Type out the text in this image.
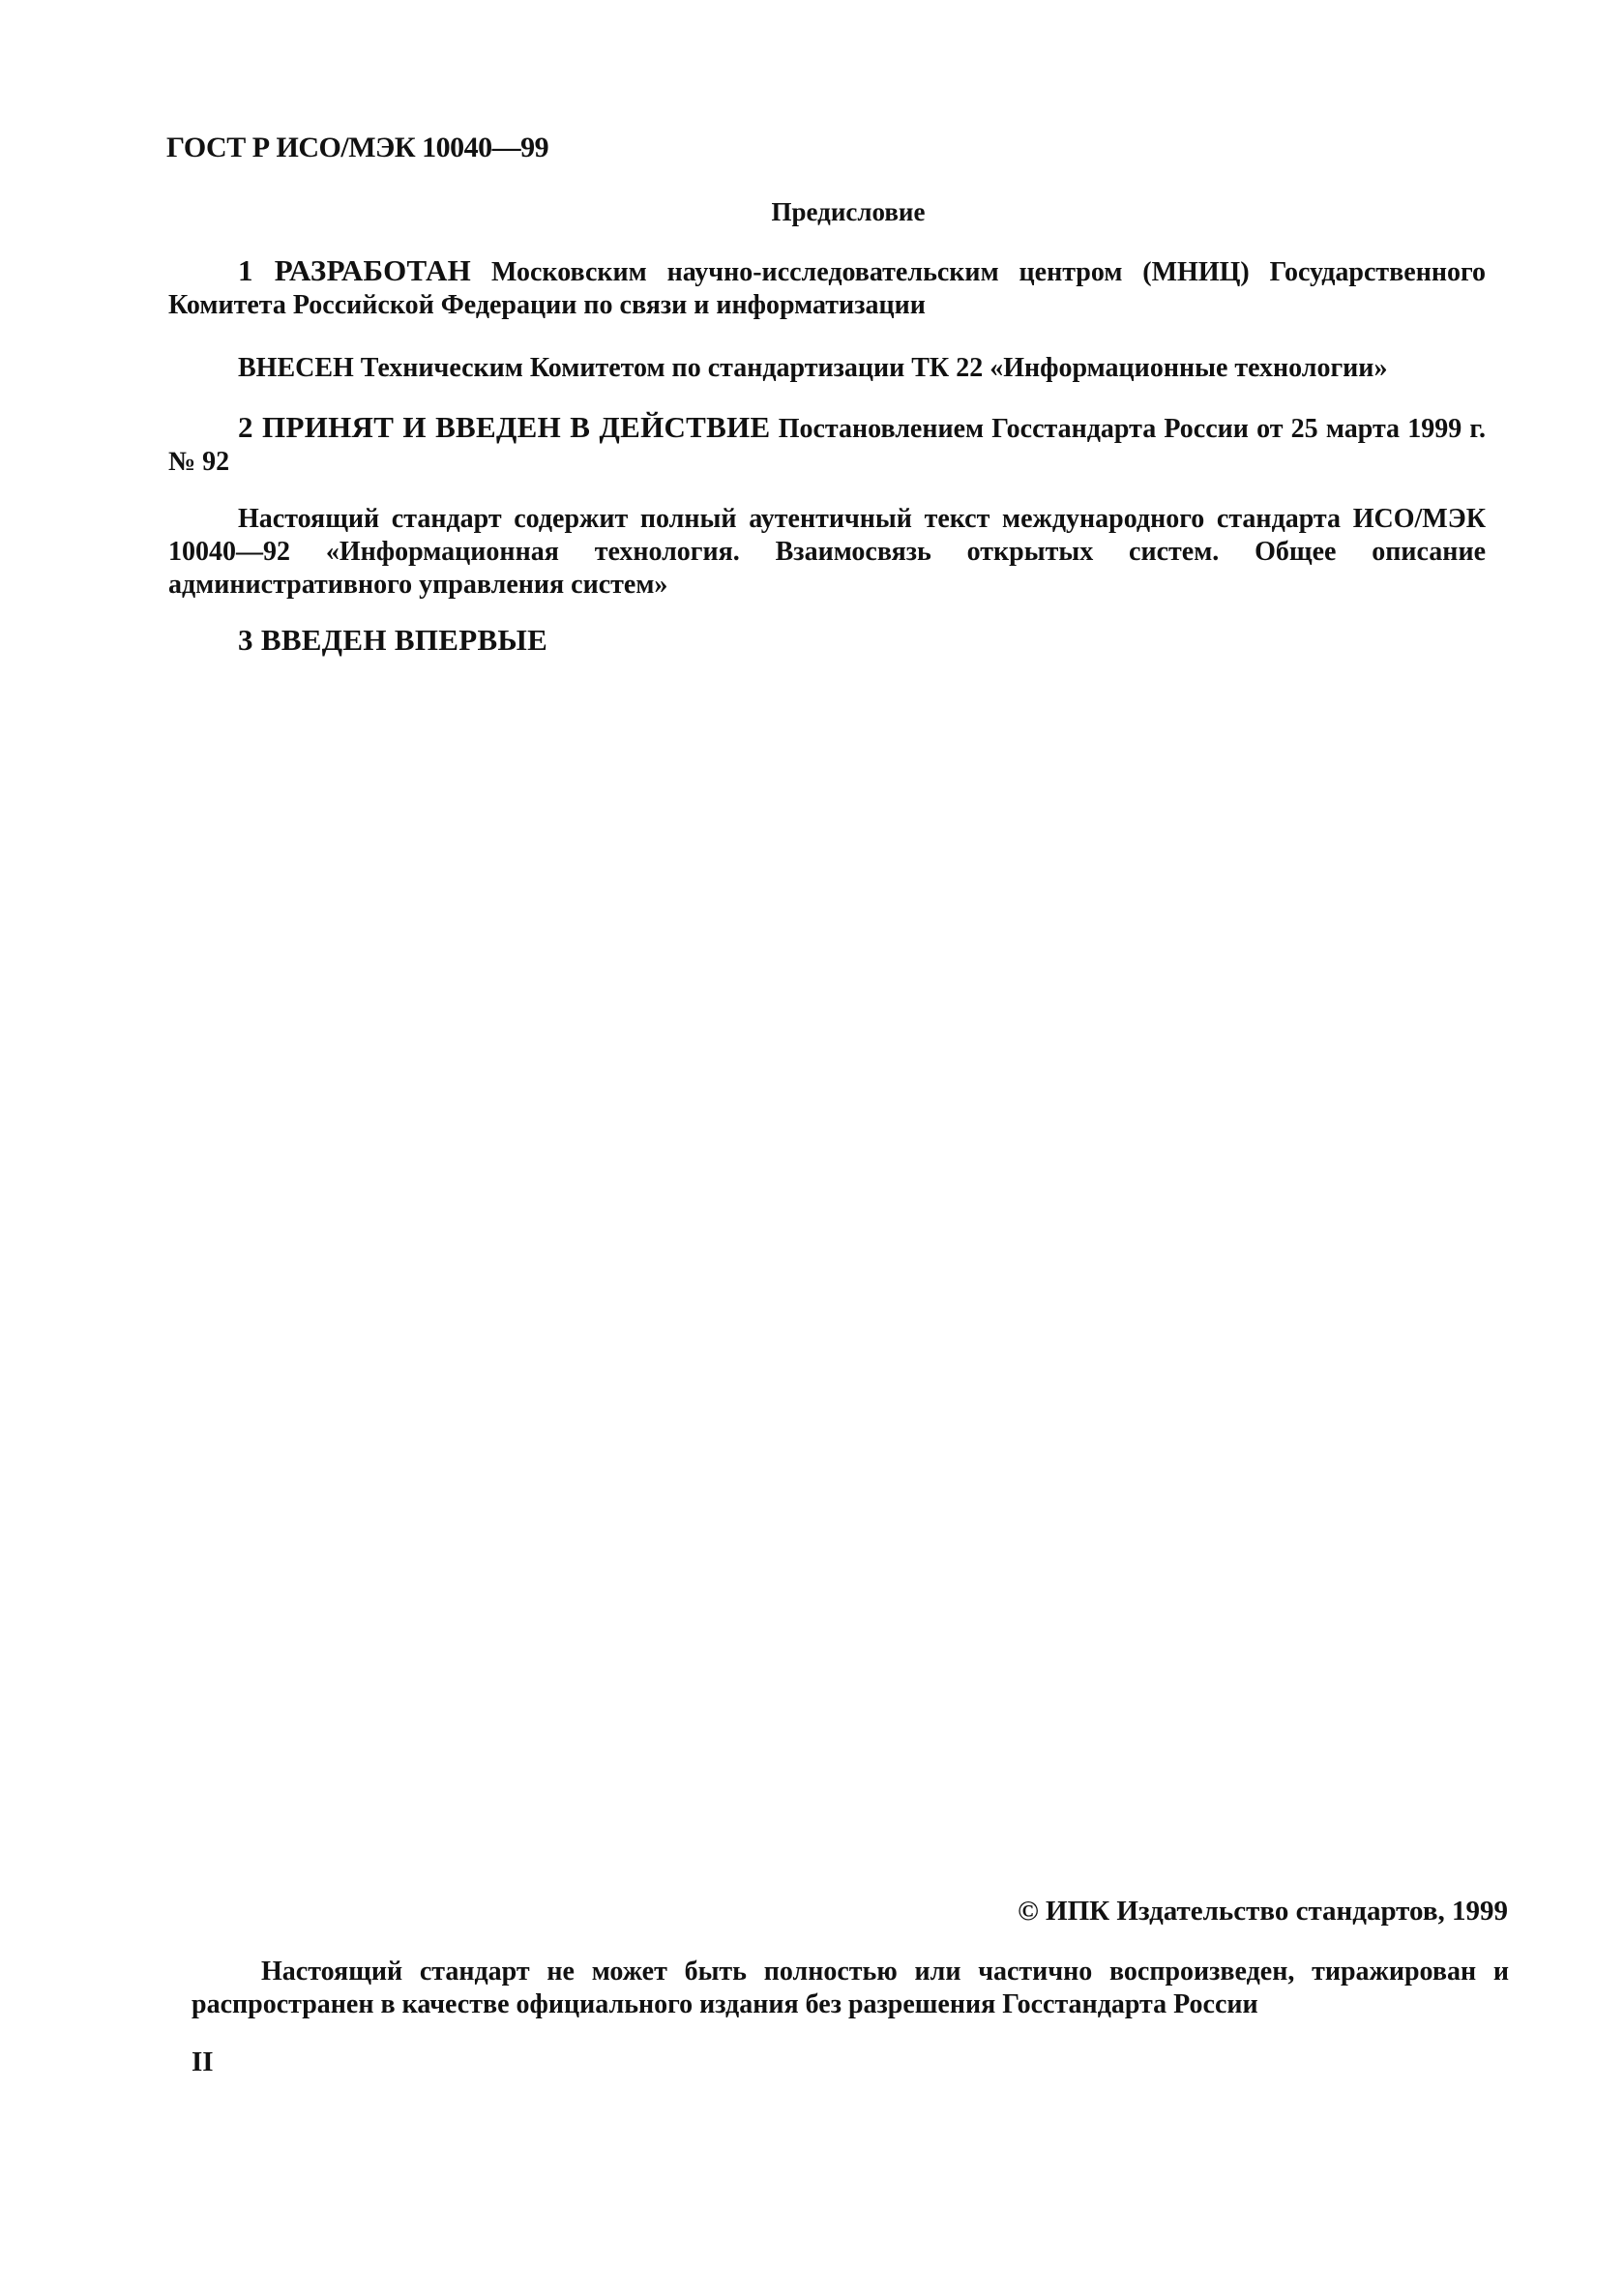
ГОСТ Р ИСО/МЭК 10040—99
Предисловие
1 РАЗРАБОТАН Московским научно-исследовательским центром (МНИЦ) Государственного Комитета Российской Федерации по связи и информатизации
ВНЕСЕН Техническим Комитетом по стандартизации ТК 22 «Информационные технологии»
2 ПРИНЯТ И ВВЕДЕН В ДЕЙСТВИЕ Постановлением Госстандарта России от 25 марта 1999 г. № 92
Настоящий стандарт содержит полный аутентичный текст международного стандарта ИСО/МЭК 10040—92 «Информационная технология. Взаимосвязь открытых систем. Общее описание административного управления систем»
3 ВВЕДЕН ВПЕРВЫЕ
© ИПК Издательство стандартов, 1999
Настоящий стандарт не может быть полностью или частично воспроизведен, тиражирован и распространен в качестве официального издания без разрешения Госстандарта России
II
